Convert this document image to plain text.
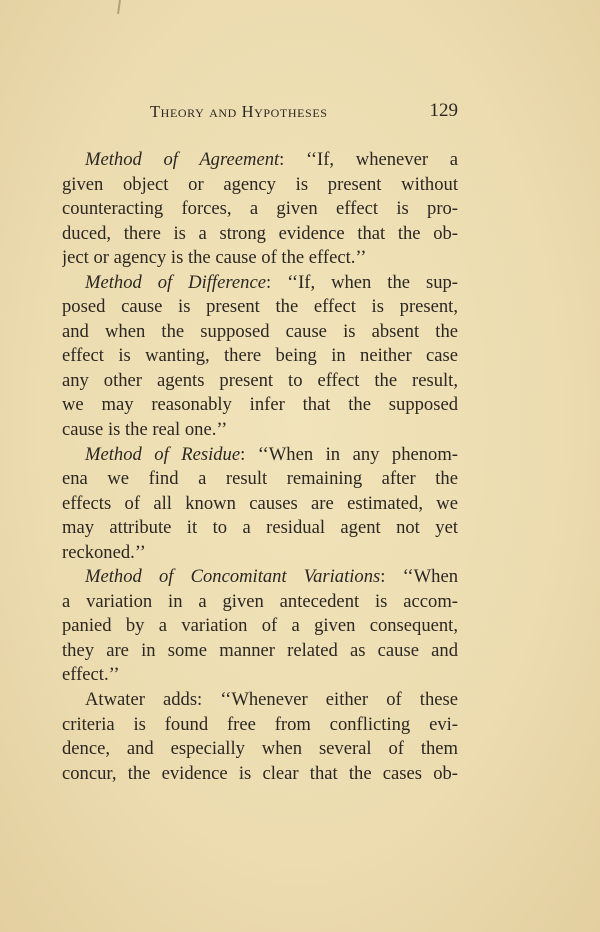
Theory and Hypotheses	129
Method of Agreement: ‘‘If, whenever a
given object or agency is present without
counteracting forces, a given effect is pro-
duced, there is a strong evidence that the ob-
ject or agency is the cause of the effect.’’
Method of Difference: ‘‘If, when the sup-
posed cause is present the effect is present,
and when the supposed cause is absent the
effect is wanting, there being in neither case
any other agents present to effect the result,
we may reasonably infer that the supposed
cause is the real one.’’
Method of Residue: ‘‘When in any phenom-
ena we find a result remaining after the
effects of all known causes are estimated, we
may attribute it to a residual agent not yet
reckoned.’’
Method of Concomitant Variations: ‘‘When
a variation in a given antecedent is accom-
panied by a variation of a given consequent,
they are in some manner related as cause and
effect.’’
Atwater adds: ‘‘Whenever either of these
criteria is found free from conflicting evi-
dence, and especially when several of them
concur, the evidence is clear that the cases ob-
